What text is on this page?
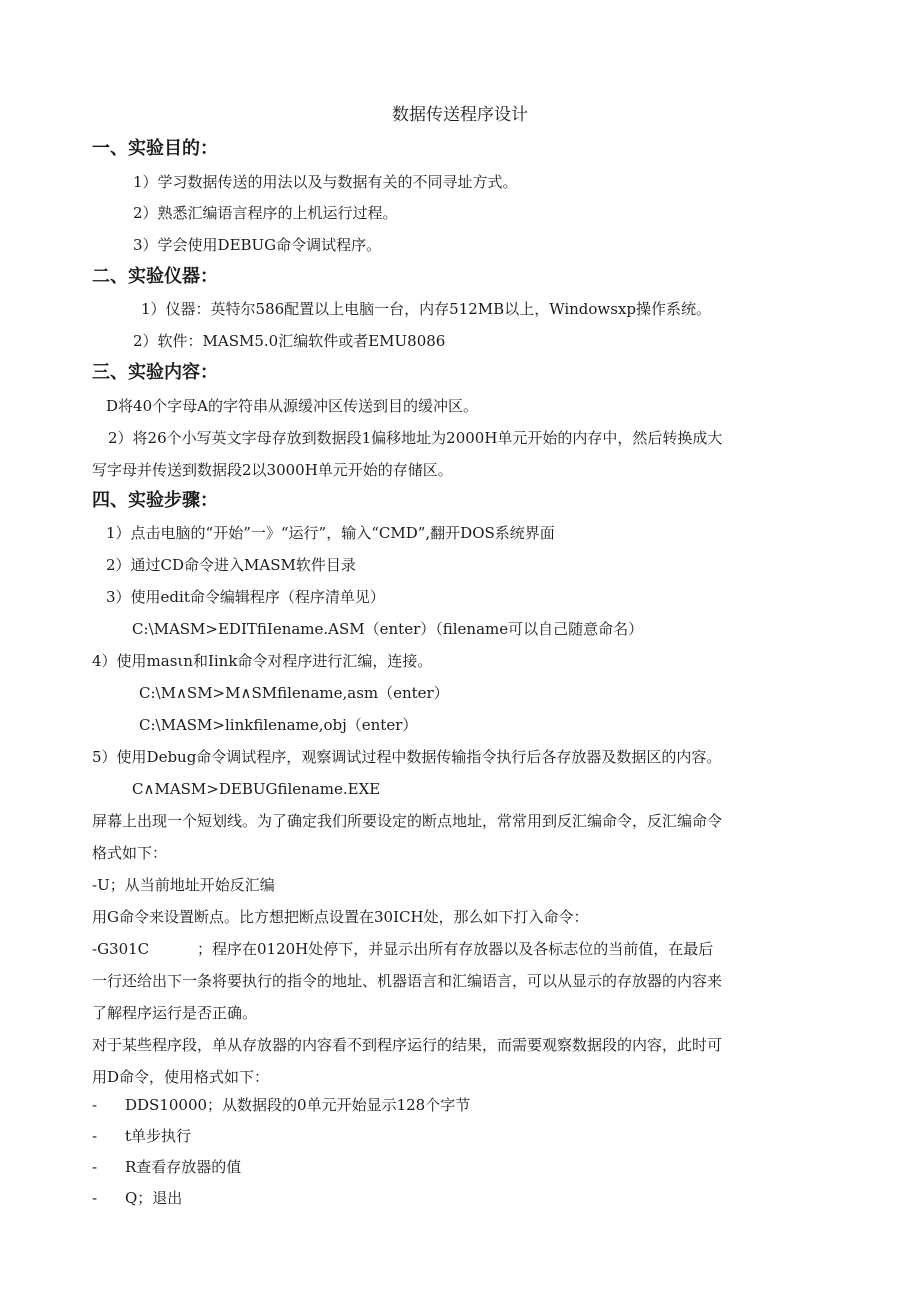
数据传送程序设计
一、实验目的：
1）学习数据传送的用法以及与数据有关的不同寻址方式。
2）熟悉汇编语言程序的上机运行过程。
3）学会使用DEBUG命令调试程序。
二、实验仪器：
1）仪器：英特尔586配置以上电脑一台，内存512MB以上，Windowsxp操作系统。
2）软件：MASM5.0汇编软件或者EMU8086
三、实验内容：
D将40个字母A的字符串从源缓冲区传送到目的缓冲区。
2）将26个小写英文字母存放到数据段1偏移地址为2000H单元开始的内存中，然后转换成大
写字母并传送到数据段2以3000H单元开始的存储区。
四、实验步骤：
1）点击电脑的“开始”一》“运行”，输入“CMD”,翻开DOS系统界面
2）通过CD命令进入MASM软件目录
3）使用edit命令编辑程序（程序清单见）
C:\MASM>EDITfiIename.ASM（enter）（filename可以自己随意命名）
4）使用masιn和Iink命令对程序进行汇编，连接。
C:\M∧SM>M∧SMfilename,asm（enter）
C:\MASM>linkfilename,obj（enter）
5）使用Debug命令调试程序，观察调试过程中数据传输指令执行后各存放器及数据区的内容。
C∧MASM>DEBUGfilename.EXE
屏幕上出现一个短划线。为了确定我们所要设定的断点地址，常常用到反汇编命令，反汇编命令
格式如下：
-U；从当前地址开始反汇编
用G命令来设置断点。比方想把断点设置在30ICH处，那么如下打入命令：
-G301C	；程序在0120H处停下，并显示出所有存放器以及各标志位的当前值，在最后
一行还给出下一条将要执行的指令的地址、机器语言和汇编语言，可以从显示的存放器的内容来
了解程序运行是否正确。
对于某些程序段，单从存放器的内容看不到程序运行的结果，而需要观察数据段的内容，此时可
用D命令，使用格式如下：
- DDS10000；从数据段的0单元开始显示128个字节
- t单步执行
- R查看存放器的值
- Q；退出
